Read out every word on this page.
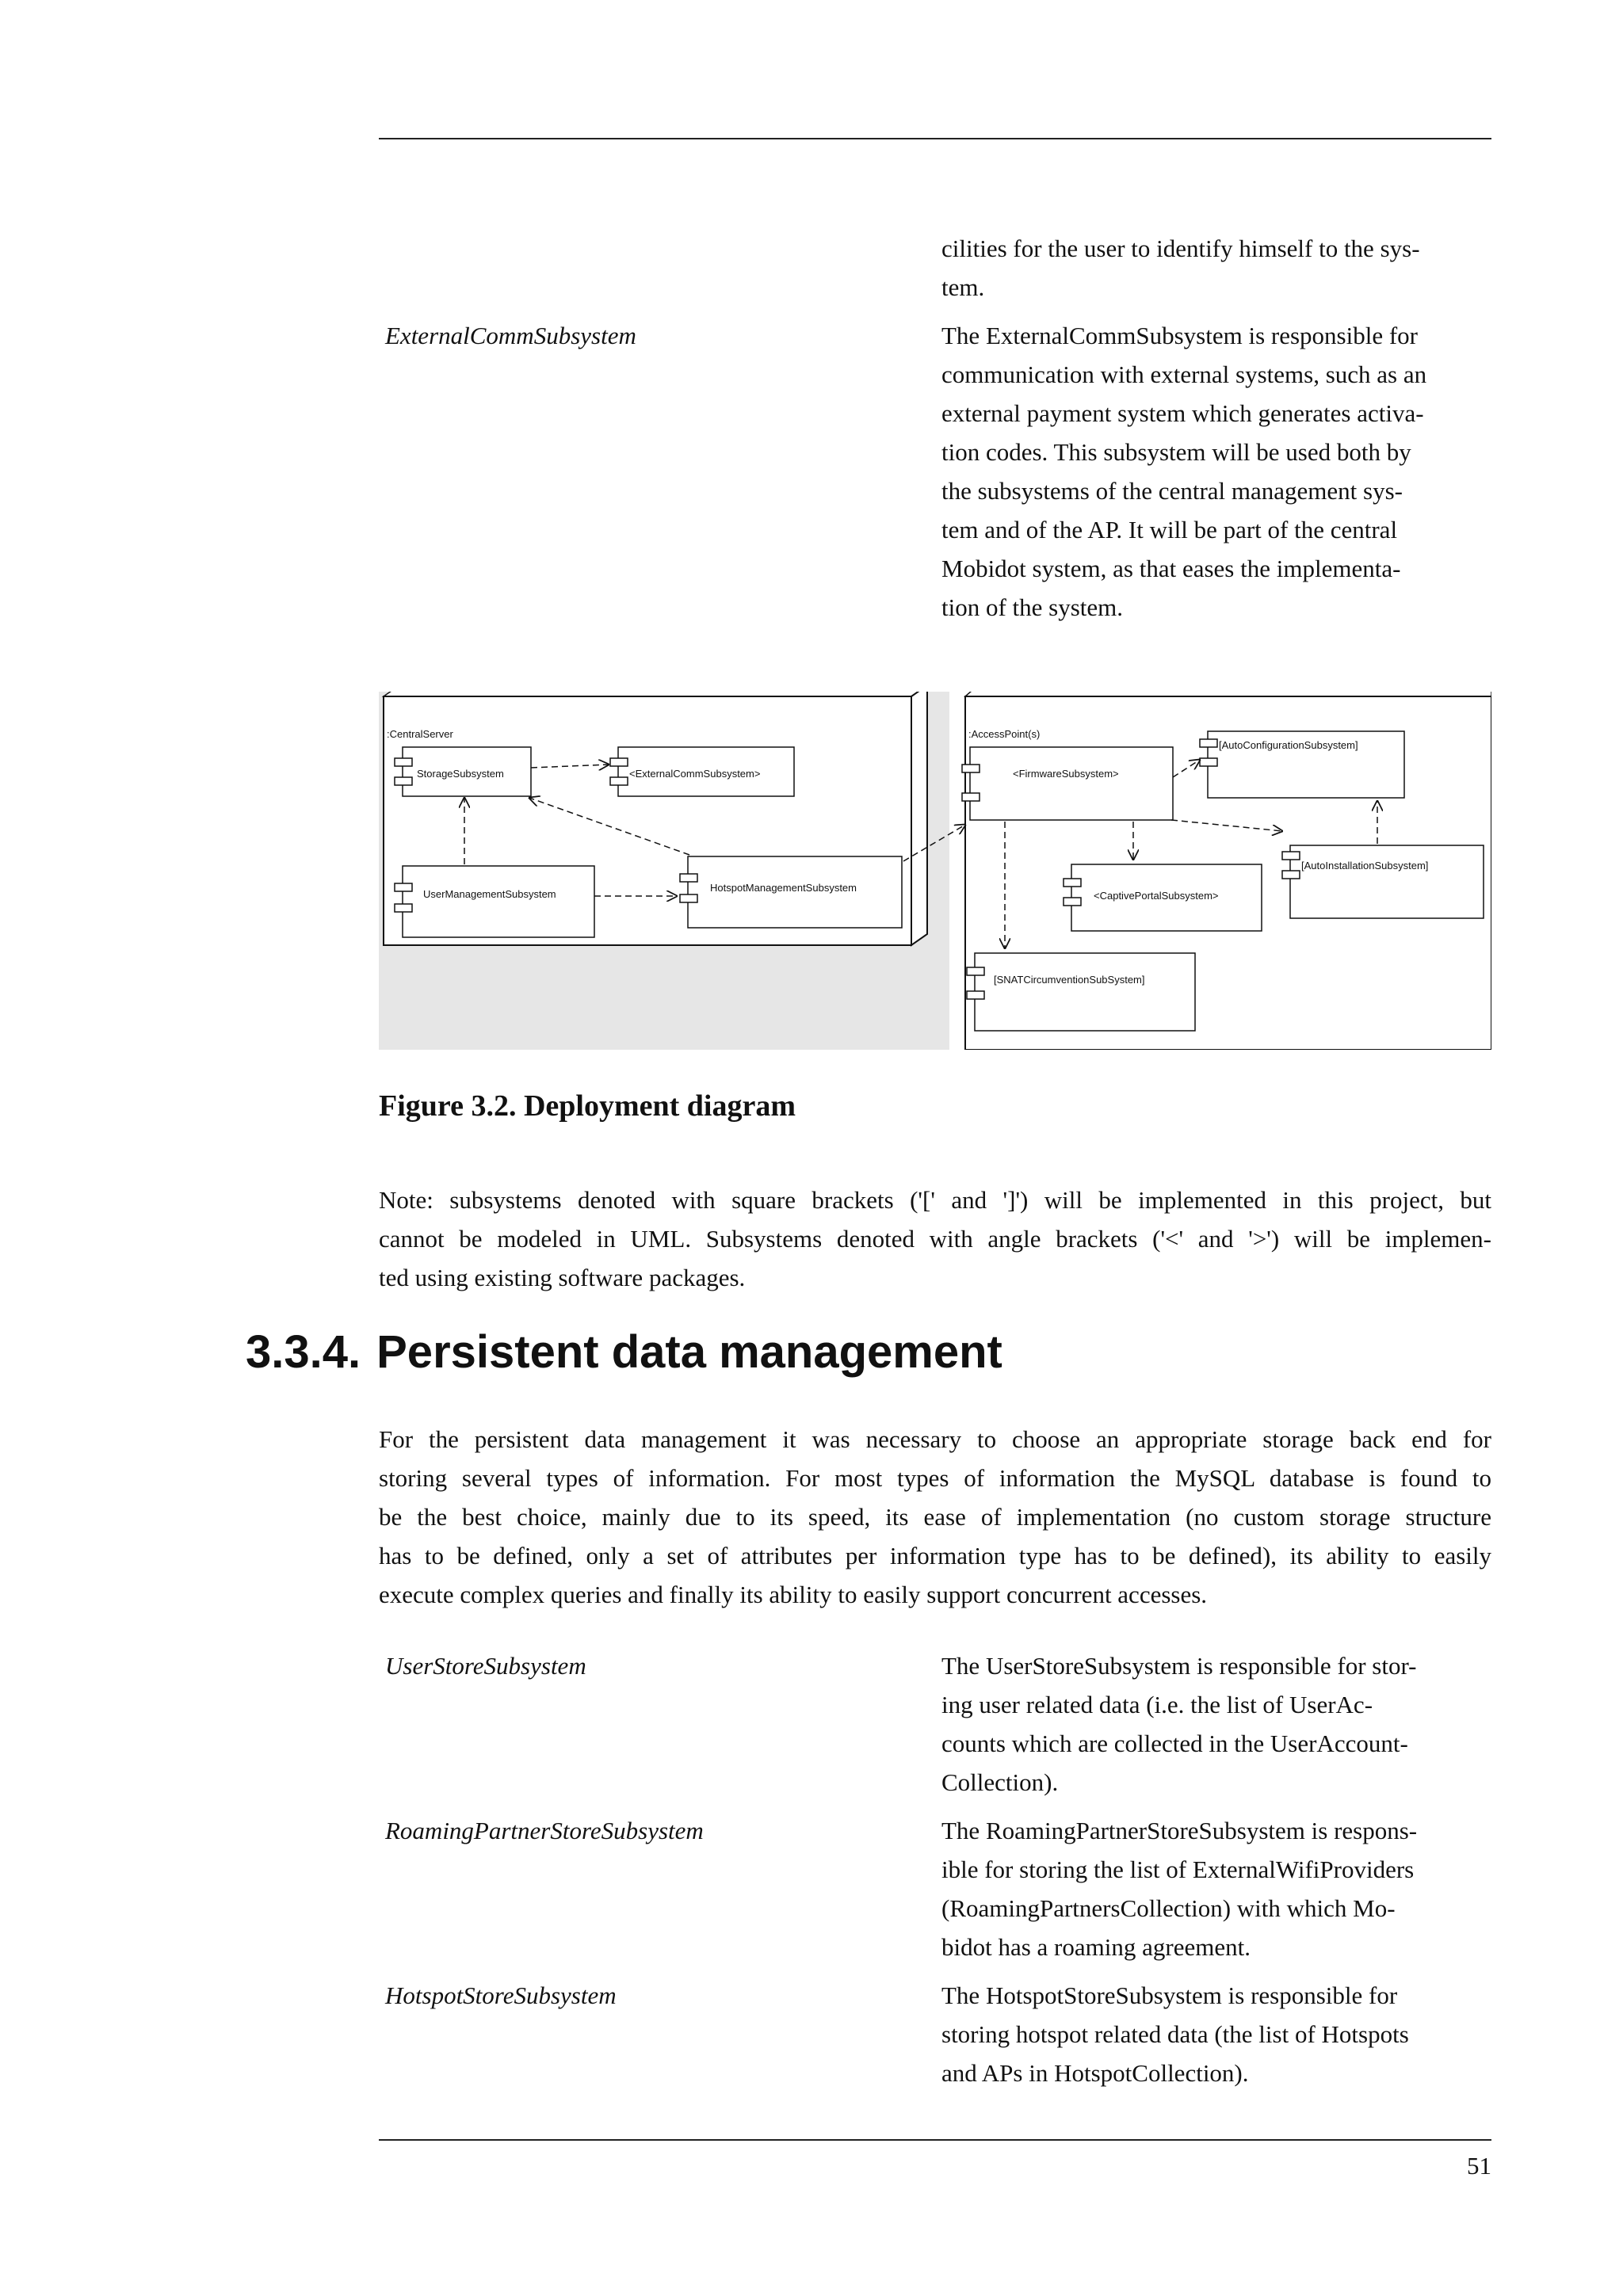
cilities for the user to identify himself to the sys-
tem.
ExternalCommSubsystem	The ExternalCommSubsystem is responsible for
communication with external systems, such as an
external payment system which generates activa-
tion codes. This subsystem will be used both by
the subsystems of the central management sys-
tem and of the AP. It will be part of the central
Mobidot system, as that eases the implementa-
tion of the system.
:CentralServer	:AccessPoint(s)
StorageSubsystem	<ExternalCommSubsystem>
UserManagementSubsystem
HotspotManagementSubsystem
<FirmwareSubsystem>
[AutoConfigurationSubsystem]
[AutoInstallationSubsystem]
<CaptivePortalSubsystem>
[SNATCircumventionSubSystem]
Figure 3.2. Deployment diagram
Note: subsystems denoted with square brackets ('[' and ']') will be implemented in this project, but
cannot be modeled in UML. Subsystems denoted with angle brackets ('<' and '>') will be implemen-
ted using existing software packages.
3.3.4. Persistent data management
For the persistent data management it was necessary to choose an appropriate storage back end for
storing several types of information. For most types of information the MySQL database is found to
be the best choice, mainly due to its speed, its ease of implementation (no custom storage structure
has to be defined, only a set of attributes per information type has to be defined), its ability to easily
execute complex queries and finally its ability to easily support concurrent accesses.
UserStoreSubsystem	The UserStoreSubsystem is responsible for stor-
ing user related data (i.e. the list of UserAc-
counts which are collected in the UserAccount-
Collection).
RoamingPartnerStoreSubsystem	The RoamingPartnerStoreSubsystem is respons-
ible for storing the list of ExternalWifiProviders
(RoamingPartnersCollection) with which Mo-
bidot has a roaming agreement.
HotspotStoreSubsystem	The HotspotStoreSubsystem is responsible for
storing hotspot related data (the list of Hotspots
and APs in HotspotCollection).
51
